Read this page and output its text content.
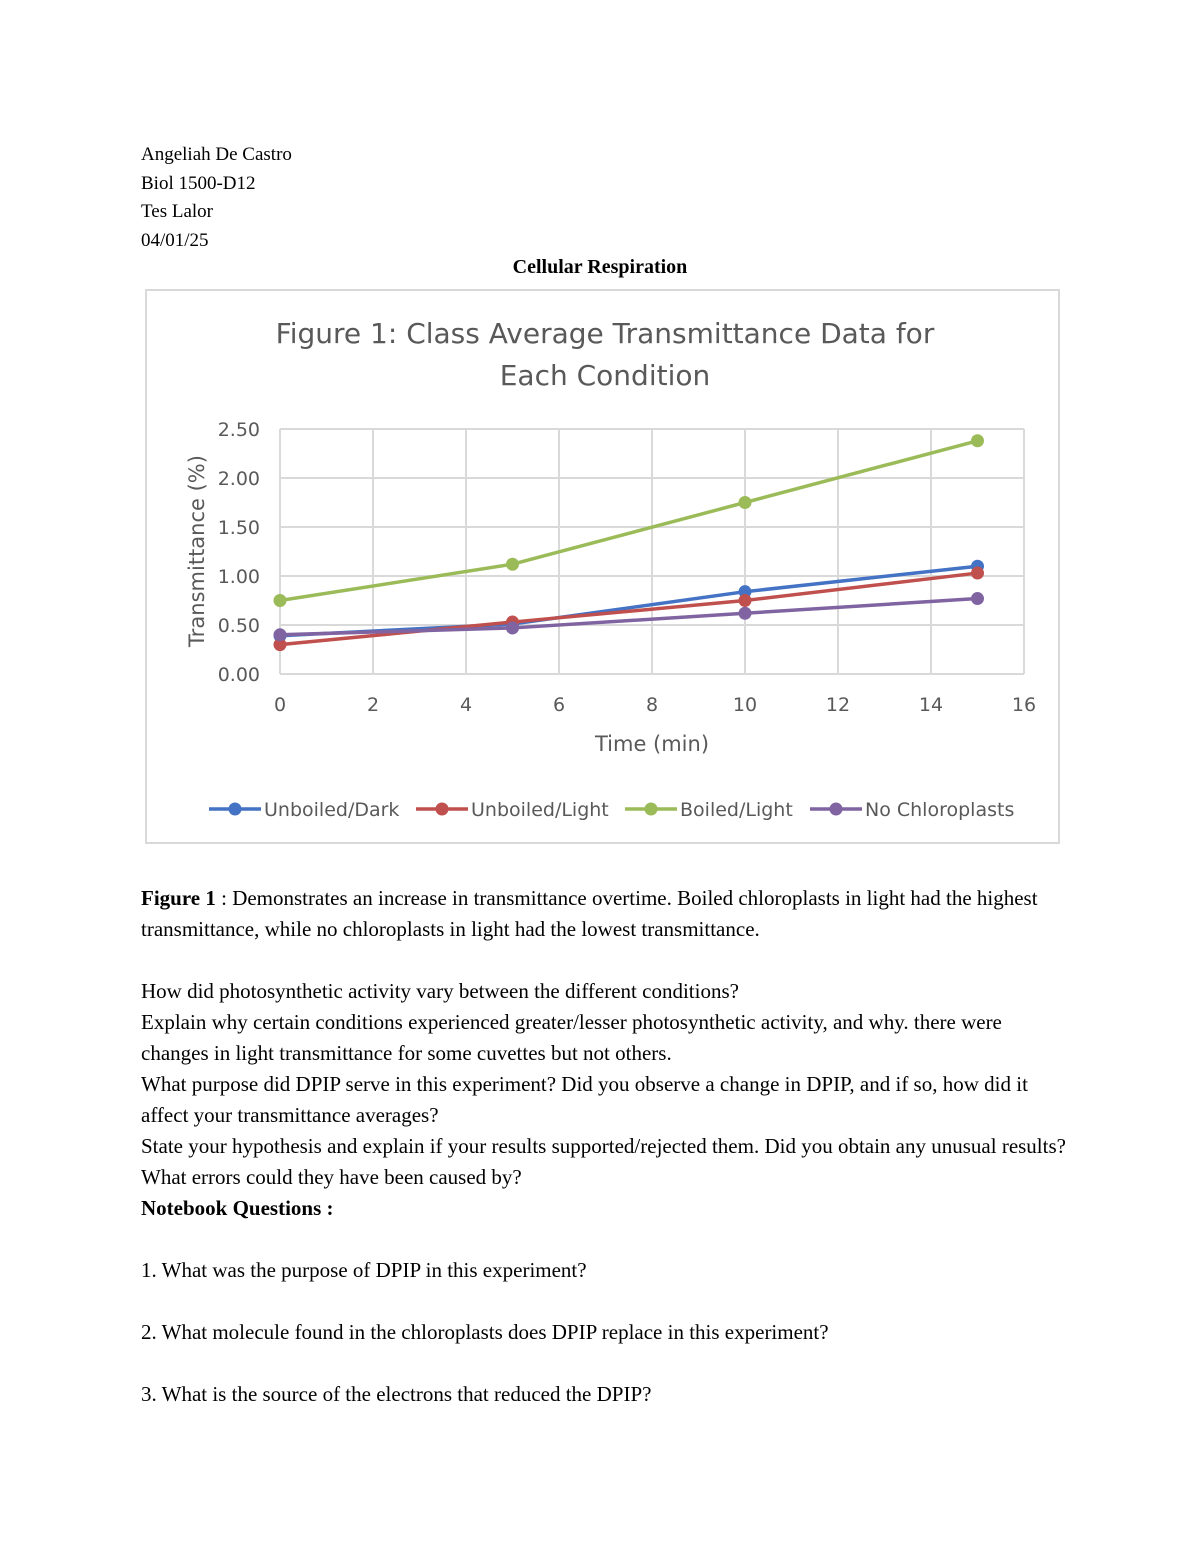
Angeliah De Castro
Biol 1500-D12
Tes Lalor
04/01/25
Cellular Respiration
Figure 1: Class Average Transmittance Data for
Each Condition
0	2	4	6	8	10	12	14	16
0.00
0.50
1.00
1.50
2.00
2.50
Time (min)
Transmittance (%)
Unboiled/Dark	Unboiled/Light	Boiled/Light	No Chloroplasts

Figure 1 : Demonstrates an increase in transmittance overtime. Boiled chloroplasts in light had the highest transmittance, while no chloroplasts in light had the lowest transmittance.

How did photosynthetic activity vary between the different conditions?

Explain why certain conditions experienced greater/lesser photosynthetic activity, and why. there were changes in light transmittance for some cuvettes but not others.

What purpose did DPIP serve in this experiment? Did you observe a change in DPIP, and if so, how did it affect your transmittance averages?

State your hypothesis and explain if your results supported/rejected them. Did you obtain any unusual results? What errors could they have been caused by?

Notebook Questions :

1. What was the purpose of DPIP in this experiment?

2. What molecule found in the chloroplasts does DPIP replace in this experiment?

3. What is the source of the electrons that reduced the DPIP?
